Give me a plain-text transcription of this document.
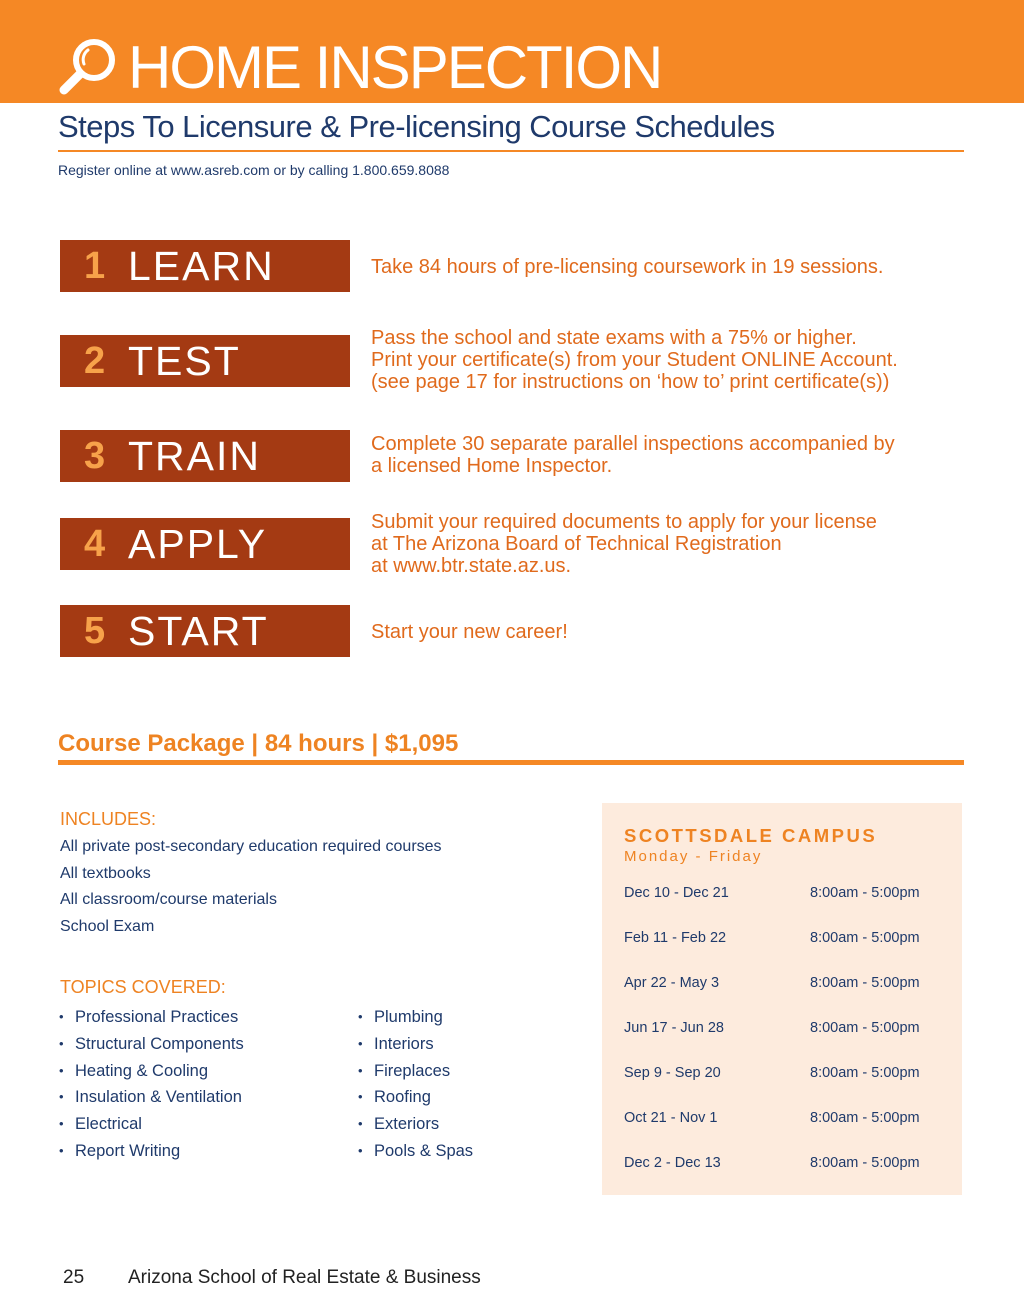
HOME INSPECTION
Steps To Licensure & Pre-licensing Course Schedules
Register online at www.asreb.com or by calling 1.800.659.8088
1 LEARN	Take 84 hours of pre-licensing coursework in 19 sessions.
2 TEST	Pass the school and state exams with a 75% or higher.
Print your certificate(s) from your Student ONLINE Account.
(see page 17 for instructions on ‘how to’ print certificate(s))
3 TRAIN	Complete 30 separate parallel inspections accompanied by
a licensed Home Inspector.
4 APPLY	Submit your required documents to apply for your license
at The Arizona Board of Technical Registration
at www.btr.state.az.us.
5 START	Start your new career!
Course Package | 84 hours | $1,095
INCLUDES:
All private post-secondary education required courses
All textbooks
All classroom/course materials
School Exam
TOPICS COVERED:
• Professional Practices
• Structural Components
• Heating & Cooling
• Insulation & Ventilation
• Electrical
• Report Writing
• Plumbing
• Interiors
• Fireplaces
• Roofing
• Exteriors
• Pools & Spas
SCOTTSDALE CAMPUS
Monday - Friday
Dec 10 - Dec 21	8:00am - 5:00pm
Feb 11 - Feb 22	8:00am - 5:00pm
Apr 22 - May 3	8:00am - 5:00pm
Jun 17 - Jun 28	8:00am - 5:00pm
Sep 9 - Sep 20	8:00am - 5:00pm
Oct 21 - Nov 1	8:00am - 5:00pm
Dec 2 - Dec 13	8:00am - 5:00pm
25 Arizona School of Real Estate & Business
